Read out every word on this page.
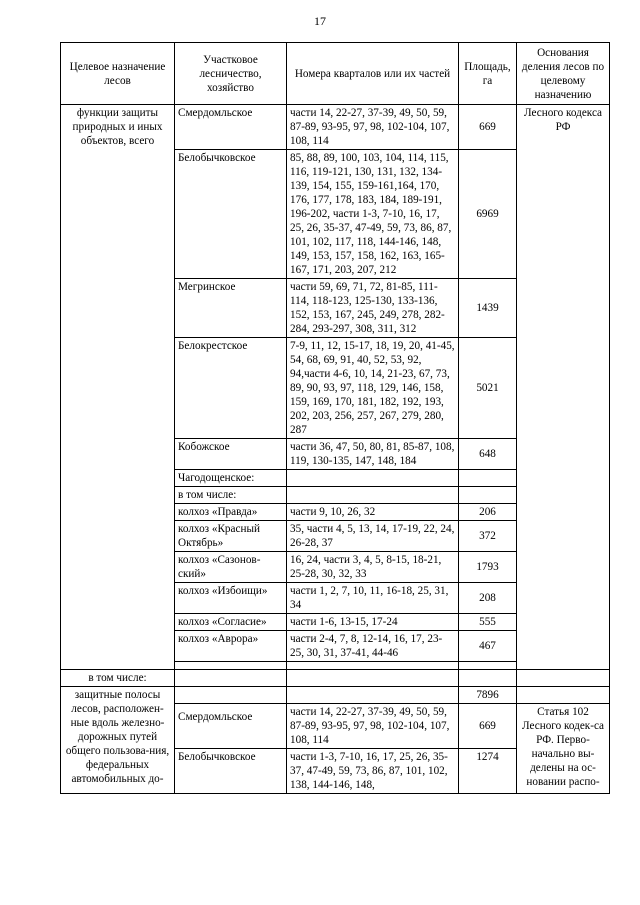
17
Целевое назначение лесов	Участковое лесничество, хозяйство	Номера кварталов или их частей	Площадь, га	Основания деления лесов по целевому назначению
функции защиты природных и иных объектов, всего	Смердомльское	части 14, 22-27, 37-39, 49, 50, 59, 87-89, 93-95, 97, 98, 102-104, 107, 108, 114	669	Лесного кодекса РФ
	Белобычковское	85, 88, 89, 100, 103, 104, 114, 115, 116, 119-121, 130, 131, 132, 134-139, 154, 155, 159-161,164, 170, 176, 177, 178, 183, 184, 189-191, 196-202, части 1-3, 7-10, 16, 17, 25, 26, 35-37, 47-49, 59, 73, 86, 87, 101, 102, 117, 118, 144-146, 148, 149, 153, 157, 158, 162, 163, 165-167, 171, 203, 207, 212	6969	
	Мегринское	части 59, 69, 71, 72, 81-85, 111-114, 118-123, 125-130, 133-136, 152, 153, 167, 245, 249, 278, 282-284, 293-297, 308, 311, 312	1439	
	Белокрестское	7-9, 11, 12, 15-17, 18, 19, 20, 41-45, 54, 68, 69, 91, 40, 52, 53, 92, 94,части 4-6, 10, 14, 21-23, 67, 73, 89, 90, 93, 97, 118, 129, 146, 158, 159, 169, 170, 181, 182, 192, 193, 202, 203, 256, 257, 267, 279, 280, 287	5021	
	Кобожское	части 36, 47, 50, 80, 81, 85-87, 108, 119, 130-135, 147, 148, 184	648	
	Чагодощенское:			
	в том числе:			
	колхоз «Правда»	части 9, 10, 26, 32	206	
	колхоз «Красный Октябрь»	35, части 4, 5, 13, 14, 17-19, 22, 24, 26-28, 37	372	
	колхоз «Сазонов-ский»	16, 24, части 3, 4, 5, 8-15, 18-21, 25-28, 30, 32, 33	1793	
	колхоз «Избоищи»	части 1, 2, 7, 10, 11, 16-18, 25, 31, 34	208	
	колхоз «Согласие»	части 1-6, 13-15, 17-24	555	
	колхоз «Аврора»	части 2-4, 7, 8, 12-14, 16, 17, 23-25, 30, 31, 37-41, 44-46	467	

в том числе:				
защитные полосы лесов, расположен-ные вдоль железно-дорожных путей общего пользова-ния, федеральных автомобильных до-			7896	
	Смердомльское	части 14, 22-27, 37-39, 49, 50, 59, 87-89, 93-95, 97, 98, 102-104, 107, 108, 114	669	Статья 102 Лесного кодек-са РФ. Перво-начально вы-делены на ос-новании распо-
	Белобычковское	части 1-3, 7-10, 16, 17, 25, 26, 35-37, 47-49, 59, 73, 86, 87, 101, 102, 138, 144-146, 148,	1274	
